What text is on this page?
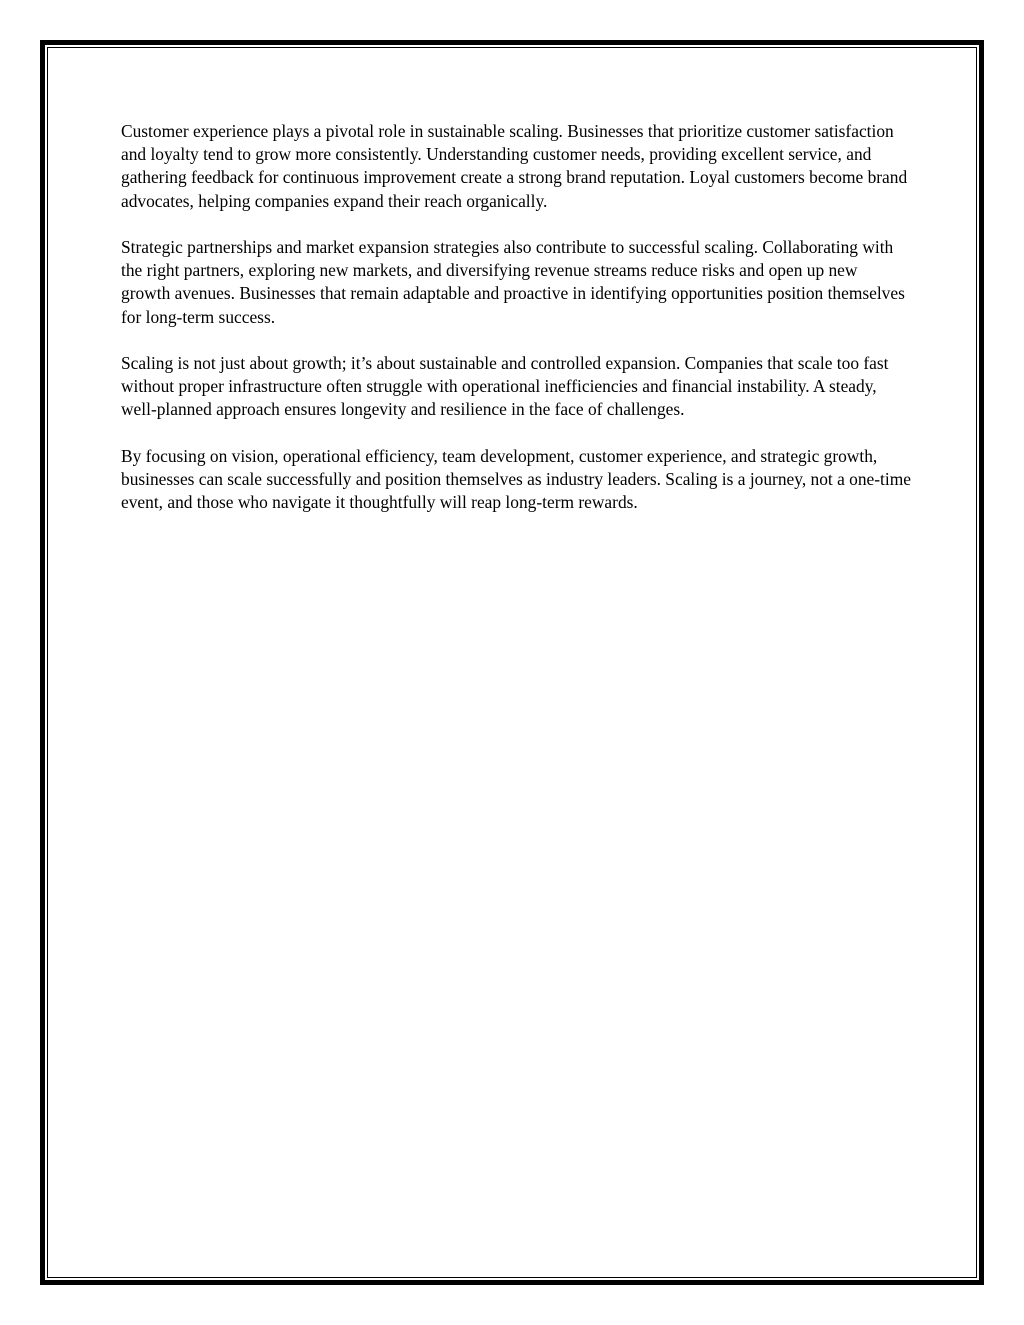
Customer experience plays a pivotal role in sustainable scaling. Businesses that prioritize customer satisfaction and loyalty tend to grow more consistently. Understanding customer needs, providing excellent service, and gathering feedback for continuous improvement create a strong brand reputation. Loyal customers become brand advocates, helping companies expand their reach organically.

Strategic partnerships and market expansion strategies also contribute to successful scaling. Collaborating with the right partners, exploring new markets, and diversifying revenue streams reduce risks and open up new growth avenues. Businesses that remain adaptable and proactive in identifying opportunities position themselves for long-term success.

Scaling is not just about growth; it’s about sustainable and controlled expansion. Companies that scale too fast without proper infrastructure often struggle with operational inefficiencies and financial instability. A steady, well-planned approach ensures longevity and resilience in the face of challenges.

By focusing on vision, operational efficiency, team development, customer experience, and strategic growth, businesses can scale successfully and position themselves as industry leaders. Scaling is a journey, not a one-time event, and those who navigate it thoughtfully will reap long-term rewards.
